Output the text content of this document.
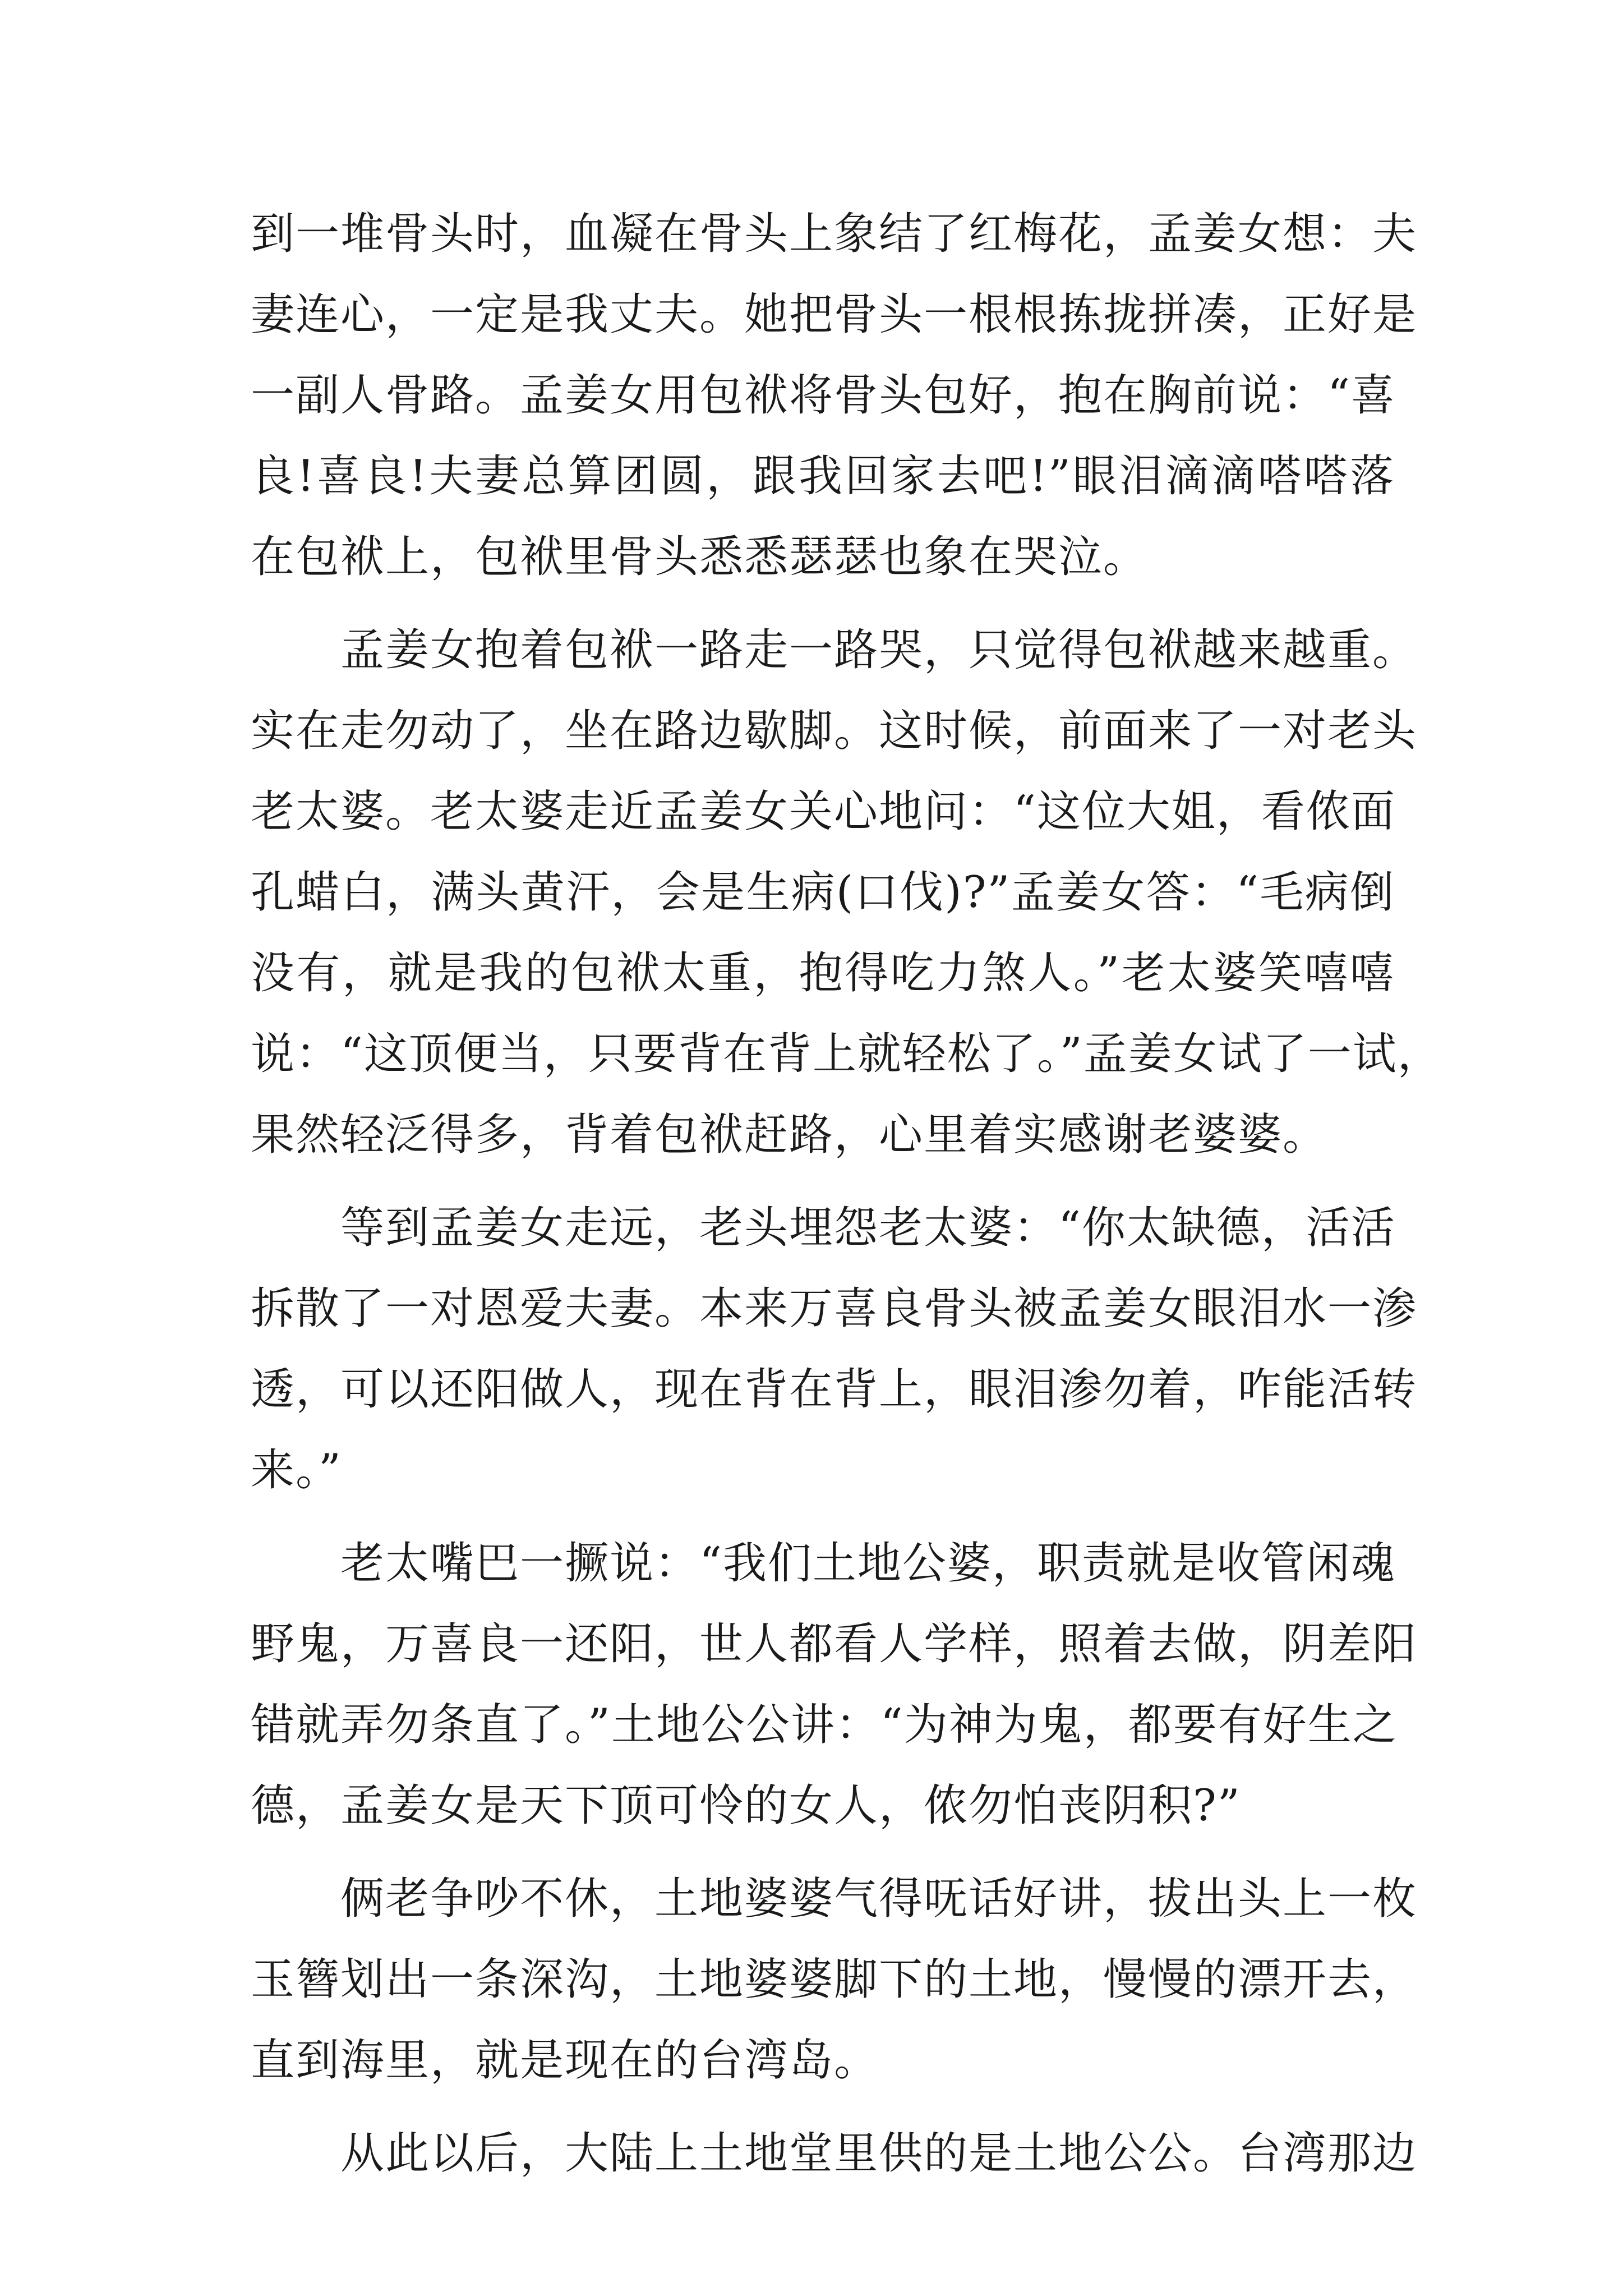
到一堆骨头时，血凝在骨头上象结了红梅花，孟姜女想：夫
妻连心，一定是我丈夫。她把骨头一根根拣拢拼凑，正好是
一副人骨路。孟姜女用包袱将骨头包好，抱在胸前说：“喜
良!喜良!夫妻总算团圆，跟我回家去吧!”眼泪滴滴嗒嗒落
在包袱上，包袱里骨头悉悉瑟瑟也象在哭泣。
孟姜女抱着包袱一路走一路哭，只觉得包袱越来越重。
实在走勿动了，坐在路边歇脚。这时候，前面来了一对老头
老太婆。老太婆走近孟姜女关心地问：“这位大姐，看侬面
孔蜡白，满头黄汗，会是生病(口伐)?”孟姜女答：“毛病倒
没有，就是我的包袱太重，抱得吃力煞人。”老太婆笑嘻嘻
说：“这顶便当，只要背在背上就轻松了。”孟姜女试了一试，
果然轻泛得多，背着包袱赶路，心里着实感谢老婆婆。
等到孟姜女走远，老头埋怨老太婆：“你太缺德，活活
拆散了一对恩爱夫妻。本来万喜良骨头被孟姜女眼泪水一渗
透，可以还阳做人，现在背在背上，眼泪渗勿着，咋能活转
来。”
老太嘴巴一撅说：“我们土地公婆，职责就是收管闲魂
野鬼，万喜良一还阳，世人都看人学样，照着去做，阴差阳
错就弄勿条直了。”土地公公讲：“为神为鬼，都要有好生之
德，孟姜女是天下顶可怜的女人，侬勿怕丧阴积?”
俩老争吵不休，土地婆婆气得呒话好讲，拔出头上一枚
玉簪划出一条深沟，土地婆婆脚下的土地，慢慢的漂开去，
直到海里，就是现在的台湾岛。
从此以后，大陆上土地堂里供的是土地公公。台湾那边
